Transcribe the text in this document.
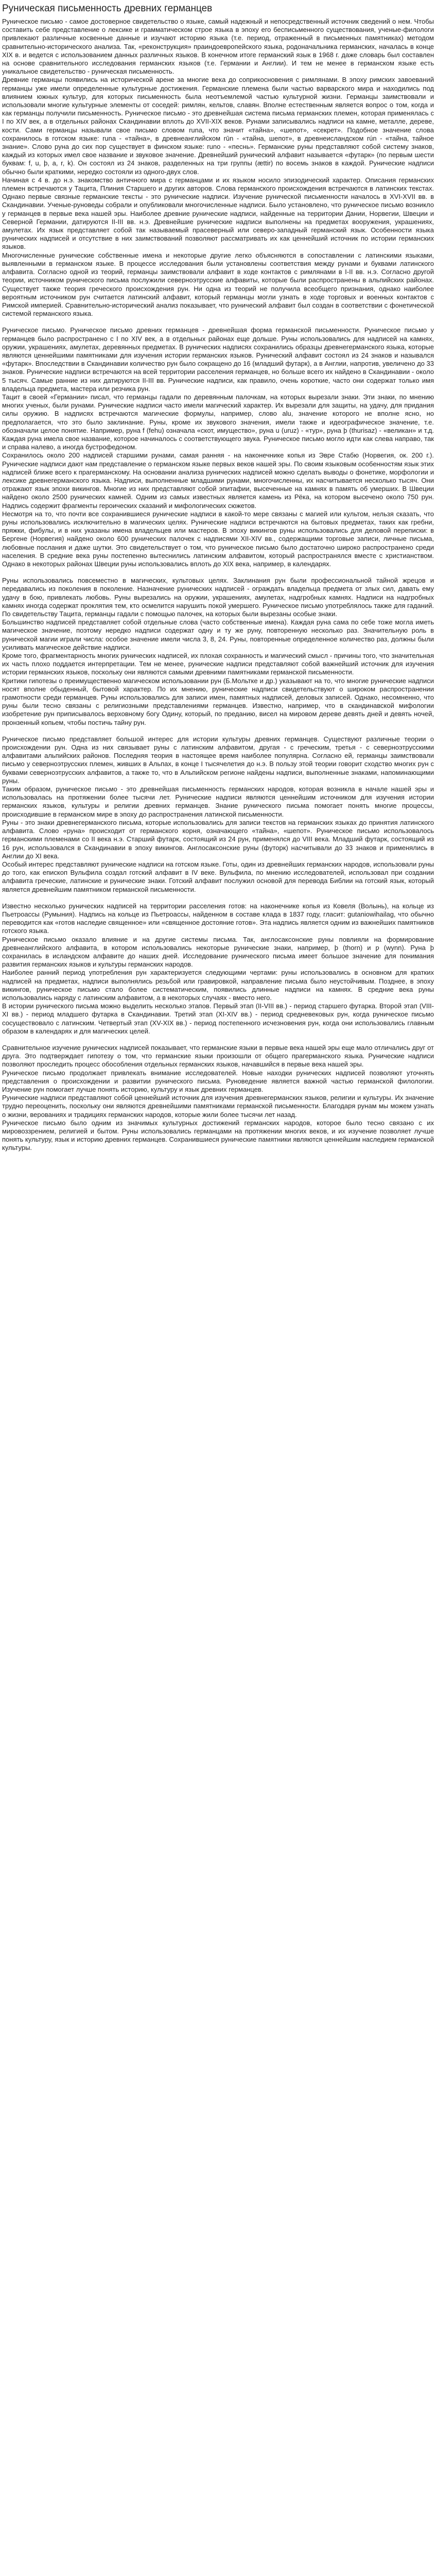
Руническая письменность древних германцев

Руническое письмо - самое достоверное свидетельство о языке, самый надежный и непосредственный источник сведений о нем. Чтобы составить себе представление о лексике и грамматическом строе языка в эпоху его бесписьменного существования, ученые-филологи привлекают различные косвенные данные и изучают историю языка (т.е. период, отраженный в письменных памятниках) методом сравнительно-исторического анализа. Так, «реконструкция» праиндоевропейского языка, родоначальника германских, началась в конце XIX в. и ведется с использованием данных различных языков. В конечном итоге германский язык в 1968 г. даже словарь был составлен на основе сравнительного исследования германских языков (т.е. Германии и Англии). И тем не менее в германском языке есть уникальное свидетельство - руническая письменность.

Древние германцы появились на исторической арене за многие века до соприкосновения с римлянами. В эпоху римских завоеваний германцы уже имели определенные культурные достижения. Германские племена были частью варварского мира и находились под влиянием южных культур, для которых письменность была неотъемлемой частью культурной жизни. Германцы заимствовали и использовали многие культурные элементы от соседей: римлян, кельтов, славян. Вполне естественным является вопрос о том, когда и как германцы получили письменность. Руническое письмо - это древнейшая система письма германских племен, которая применялась с I по XIV век, а в отдельных районах Скандинавии вплоть до XVII-XIX веков. Рунами записывались надписи на камне, металле, дереве, кости. Сами германцы называли свое письмо словом runa, что значит «тайна», «шепот», «секрет». Подобное значение слова сохранилось в готском языке: runa - «тайна», в древнеанглийском rūn - «тайна, шепот», в древнеисландском rún - «тайна, тайное знание». Слово руна до сих пор существует в финском языке: runo - «песнь». Германские руны представляют собой систему знаков, каждый из которых имел свое название и звуковое значение. Древнейший рунический алфавит называется «футарк» (по первым шести буквам: f, u, þ, a, r, k). Он состоял из 24 знаков, разделенных на три группы (ættir) по восемь знаков в каждой. Рунические надписи обычно были краткими, нередко состояли из одного-двух слов.

Начиная с 4 в. до н.э. знакомство античного мира с германцами и их языком носило эпизодический характер. Описания германских племен встречаются у Тацита, Плиния Старшего и других авторов. Слова германского происхождения встречаются в латинских текстах. Однако первые связные германские тексты - это рунические надписи. Изучение рунической письменности началось в XVI-XVII вв. в Скандинавии. Ученые-руноведы собрали и опубликовали многочисленные надписи. Было установлено, что руническое письмо возникло у германцев в первые века нашей эры. Наиболее древние рунические надписи, найденные на территории Дании, Норвегии, Швеции и Северной Германии, датируются II-III вв. н.э. Древнейшие рунические надписи выполнены на предметах вооружения, украшениях, амулетах. Их язык представляет собой так называемый прасеверный или северо-западный германский язык. Особенности языка рунических надписей и отсутствие в них заимствований позволяют рассматривать их как ценнейший источник по истории германских языков.

Многочисленные рунические собственные имена и некоторые другие легко объясняются в сопоставлении с латинскими языками, выявленными в германском языке. В процессе исследования были установлены соответствия между рунами и буквами латинского алфавита. Согласно одной из теорий, германцы заимствовали алфавит в ходе контактов с римлянами в I-II вв. н.э. Согласно другой теории, источником рунического письма послужили северноэтрусские алфавиты, которые были распространены в альпийских районах. Существует также теория греческого происхождения рун. Ни одна из теорий не получила всеобщего признания, однако наиболее вероятным источником рун считается латинский алфавит, который германцы могли узнать в ходе торговых и военных контактов с Римской империей. Сравнительно-исторический анализ показывает, что рунический алфавит был создан в соответствии с фонетической системой германского языка.

Руническое письмо. Руническое письмо древних германцев - древнейшая форма германской письменности. Руническое письмо у германцев было распространено с I по XIV век, а в отдельных районах еще дольше. Руны использовались для надписей на камнях, оружии, украшениях, амулетах, деревянных предметах. В рунических надписях сохранились образцы древнегерманского языка, которые являются ценнейшими памятниками для изучения истории германских языков. Рунический алфавит состоял из 24 знаков и назывался «футарк». Впоследствии в Скандинавии количество рун было сокращено до 16 (младший футарк), а в Англии, напротив, увеличено до 33 знаков. Рунические надписи встречаются на всей территории расселения германцев, но больше всего их найдено в Скандинавии - около 5 тысяч. Самые ранние из них датируются II-III вв. Рунические надписи, как правило, очень короткие, часто они содержат только имя владельца предмета, мастера или резчика рун.

Тацит в своей «Германии» писал, что германцы гадали по деревянным палочкам, на которых вырезали знаки. Эти знаки, по мнению многих ученых, были рунами. Рунические надписи часто имели магический характер. Их вырезали для защиты, на удачу, для придания силы оружию. В надписях встречаются магические формулы, например, слово alu, значение которого не вполне ясно, но предполагается, что это было заклинание. Руны, кроме их звукового значения, имели также и идеографическое значение, т.е. обозначали целое понятие. Например, руна f (fehu) означала «скот, имущество», руна u (uruz) - «тур», руна þ (thurisaz) - «великан» и т.д. Каждая руна имела свое название, которое начиналось с соответствующего звука. Руническое письмо могло идти как слева направо, так и справа налево, а иногда бустрофедоном.

Сохранилось около 200 надписей старшими рунами, самая ранняя - на наконечнике копья из Эвре Стабю (Норвегия, ок. 200 г.). Рунические надписи дают нам представление о германском языке первых веков нашей эры. По своим языковым особенностям язык этих надписей ближе всего к прагерманскому. На основании анализа рунических надписей можно сделать выводы о фонетике, морфологии и лексике древнегерманского языка. Надписи, выполненные младшими рунами, многочисленны, их насчитывается несколько тысяч. Они отражают язык эпохи викингов. Многие из них представляют собой эпитафии, высеченные на камнях в память об умерших. В Швеции найдено около 2500 рунических камней. Одним из самых известных является камень из Рёка, на котором высечено около 750 рун. Надпись содержит фрагменты героических сказаний и мифологических сюжетов.

Несмотря на то, что почти все сохранившиеся рунические надписи в какой-то мере связаны с магией или культом, нельзя сказать, что руны использовались исключительно в магических целях. Рунические надписи встречаются на бытовых предметах, таких как гребни, пряжки, фибулы, и в них указаны имена владельцев или мастеров. В эпоху викингов руны использовались для деловой переписки: в Бергене (Норвегия) найдено около 600 рунических палочек с надписями XII-XIV вв., содержащими торговые записи, личные письма, любовные послания и даже шутки. Это свидетельствует о том, что руническое письмо было достаточно широко распространено среди населения. В средние века руны постепенно вытеснились латинским алфавитом, который распространялся вместе с христианством. Однако в некоторых районах Швеции руны использовались вплоть до XIX века, например, в календарях.

Руны использовались повсеместно в магических, культовых целях. Заклинания рун были профессиональной тайной жрецов и передавались из поколения в поколение. Назначение рунических надписей - ограждать владельца предмета от злых сил, давать ему удачу в бою, привлекать любовь. Руны вырезались на оружии, украшениях, амулетах, надгробных камнях. Надписи на надгробных камнях иногда содержат проклятия тем, кто осмелится нарушить покой умершего. Руническое письмо употреблялось также для гаданий. По свидетельству Тацита, германцы гадали с помощью палочек, на которых были вырезаны особые знаки.

Большинство надписей представляет собой отдельные слова (часто собственные имена). Каждая руна сама по себе тоже могла иметь магическое значение, поэтому нередко надписи содержат одну и ту же руну, повторенную несколько раз. Значительную роль в рунической магии играли числа: особое значение имели числа 3, 8, 24. Руны, повторенные определенное количество раз, должны были усиливать магическое действие надписи.

Кроме того, фрагментарность многих рунических надписей, их плохая сохранность и магический смысл - причины того, что значительная их часть плохо поддается интерпретации. Тем не менее, рунические надписи представляют собой важнейший источник для изучения истории германских языков, поскольку они являются самыми древними памятниками германской письменности.

Критики гипотезы о преимущественно магическом использовании рун (Б.Мольтке и др.) указывают на то, что многие рунические надписи носят вполне обыденный, бытовой характер. По их мнению, рунические надписи свидетельствуют о широком распространении грамотности среди германцев. Руны использовались для записи имен, памятных надписей, деловых записей. Однако, несомненно, что руны были тесно связаны с религиозными представлениями германцев. Известно, например, что в скандинавской мифологии изобретение рун приписывалось верховному богу Одину, который, по преданию, висел на мировом дереве девять дней и девять ночей, пронзенный копьем, чтобы постичь тайну рун.

Руническое письмо представляет большой интерес для истории культуры древних германцев. Существуют различные теории о происхождении рун. Одна из них связывает руны с латинским алфавитом, другая - с греческим, третья - с северноэтрусскими алфавитами альпийских районов. Последняя теория в настоящее время наиболее популярна. Согласно ей, германцы заимствовали письмо у северноэтрусских племен, живших в Альпах, в конце I тысячелетия до н.э. В пользу этой теории говорит сходство многих рун с буквами северноэтрусских алфавитов, а также то, что в Альпийском регионе найдены надписи, выполненные знаками, напоминающими руны.

Таким образом, руническое письмо - это древнейшая письменность германских народов, которая возникла в начале нашей эры и использовалась на протяжении более тысячи лет. Рунические надписи являются ценнейшим источником для изучения истории германских языков, культуры и религии древних германцев. Знание рунического письма помогает понять многие процессы, происходившие в германском мире в эпоху до распространения латинской письменности.

Руны - это знаки древнегерманского письма, которые использовались для записи текстов на германских языках до принятия латинского алфавита. Слово «руна» происходит от германского корня, означающего «тайна», «шепот». Руническое письмо использовалось германскими племенами со II века н.э. Старший футарк, состоящий из 24 рун, применялся до VIII века. Младший футарк, состоящий из 16 рун, использовался в Скандинавии в эпоху викингов. Англосаксонские руны (футорк) насчитывали до 33 знаков и применялись в Англии до XI века.

Особый интерес представляют рунические надписи на готском языке. Готы, один из древнейших германских народов, использовали руны до того, как епископ Вульфила создал готский алфавит в IV веке. Вульфила, по мнению исследователей, использовал при создании алфавита греческие, латинские и рунические знаки. Готский алфавит послужил основой для перевода Библии на готский язык, который является древнейшим памятником германской письменности.

Известно несколько рунических надписей на территории расселения готов: на наконечнике копья из Ковеля (Волынь), на кольце из Пьетроассы (Румыния). Надпись на кольце из Пьетроассы, найденном в составе клада в 1837 году, гласит: gutaniowihailag, что обычно переводится как «готов наследие священное» или «священное достояние готов». Эта надпись является одним из важнейших памятников готского языка.

Руническое письмо оказало влияние и на другие системы письма. Так, англосаксонские руны повлияли на формирование древнеанглийского алфавита, в котором использовались некоторые рунические знаки, например, þ (thorn) и ƿ (wynn). Руна þ сохранилась в исландском алфавите до наших дней. Исследование рунического письма имеет большое значение для понимания развития германских языков и культуры германских народов.

Наиболее ранний период употребления рун характеризуется следующими чертами: руны использовались в основном для кратких надписей на предметах, надписи выполнялись резьбой или гравировкой, направление письма было неустойчивым. Позднее, в эпоху викингов, руническое письмо стало более систематическим, появились длинные надписи на камнях. В средние века руны использовались наряду с латинским алфавитом, а в некоторых случаях - вместо него.

В истории рунического письма можно выделить несколько этапов. Первый этап (II-VIII вв.) - период старшего футарка. Второй этап (VIII-XI вв.) - период младшего футарка в Скандинавии. Третий этап (XI-XIV вв.) - период средневековых рун, когда руническое письмо сосуществовало с латинским. Четвертый этап (XV-XIX вв.) - период постепенного исчезновения рун, когда они использовались главным образом в календарях и для магических целей.

Сравнительное изучение рунических надписей показывает, что германские языки в первые века нашей эры еще мало отличались друг от друга. Это подтверждает гипотезу о том, что германские языки произошли от общего прагерманского языка. Рунические надписи позволяют проследить процесс обособления отдельных германских языков, начавшийся в первые века нашей эры.

Руническое письмо продолжает привлекать внимание исследователей. Новые находки рунических надписей позволяют уточнять представления о происхождении и развитии рунического письма. Руноведение является важной частью германской филологии. Изучение рун помогает лучше понять историю, культуру и язык древних германцев.

Рунические надписи представляют собой ценнейший источник для изучения древнегерманских языков, религии и культуры. Их значение трудно переоценить, поскольку они являются древнейшими памятниками германской письменности. Благодаря рунам мы можем узнать о жизни, верованиях и традициях германских народов, которые жили более тысячи лет назад.

Руническое письмо было одним из значимых культурных достижений германских народов, которое было тесно связано с их мировоззрением, религией и бытом. Руны использовались германцами на протяжении многих веков, и их изучение позволяет лучше понять культуру, язык и историю древних германцев. Сохранившиеся рунические памятники являются ценнейшим наследием германской культуры.
